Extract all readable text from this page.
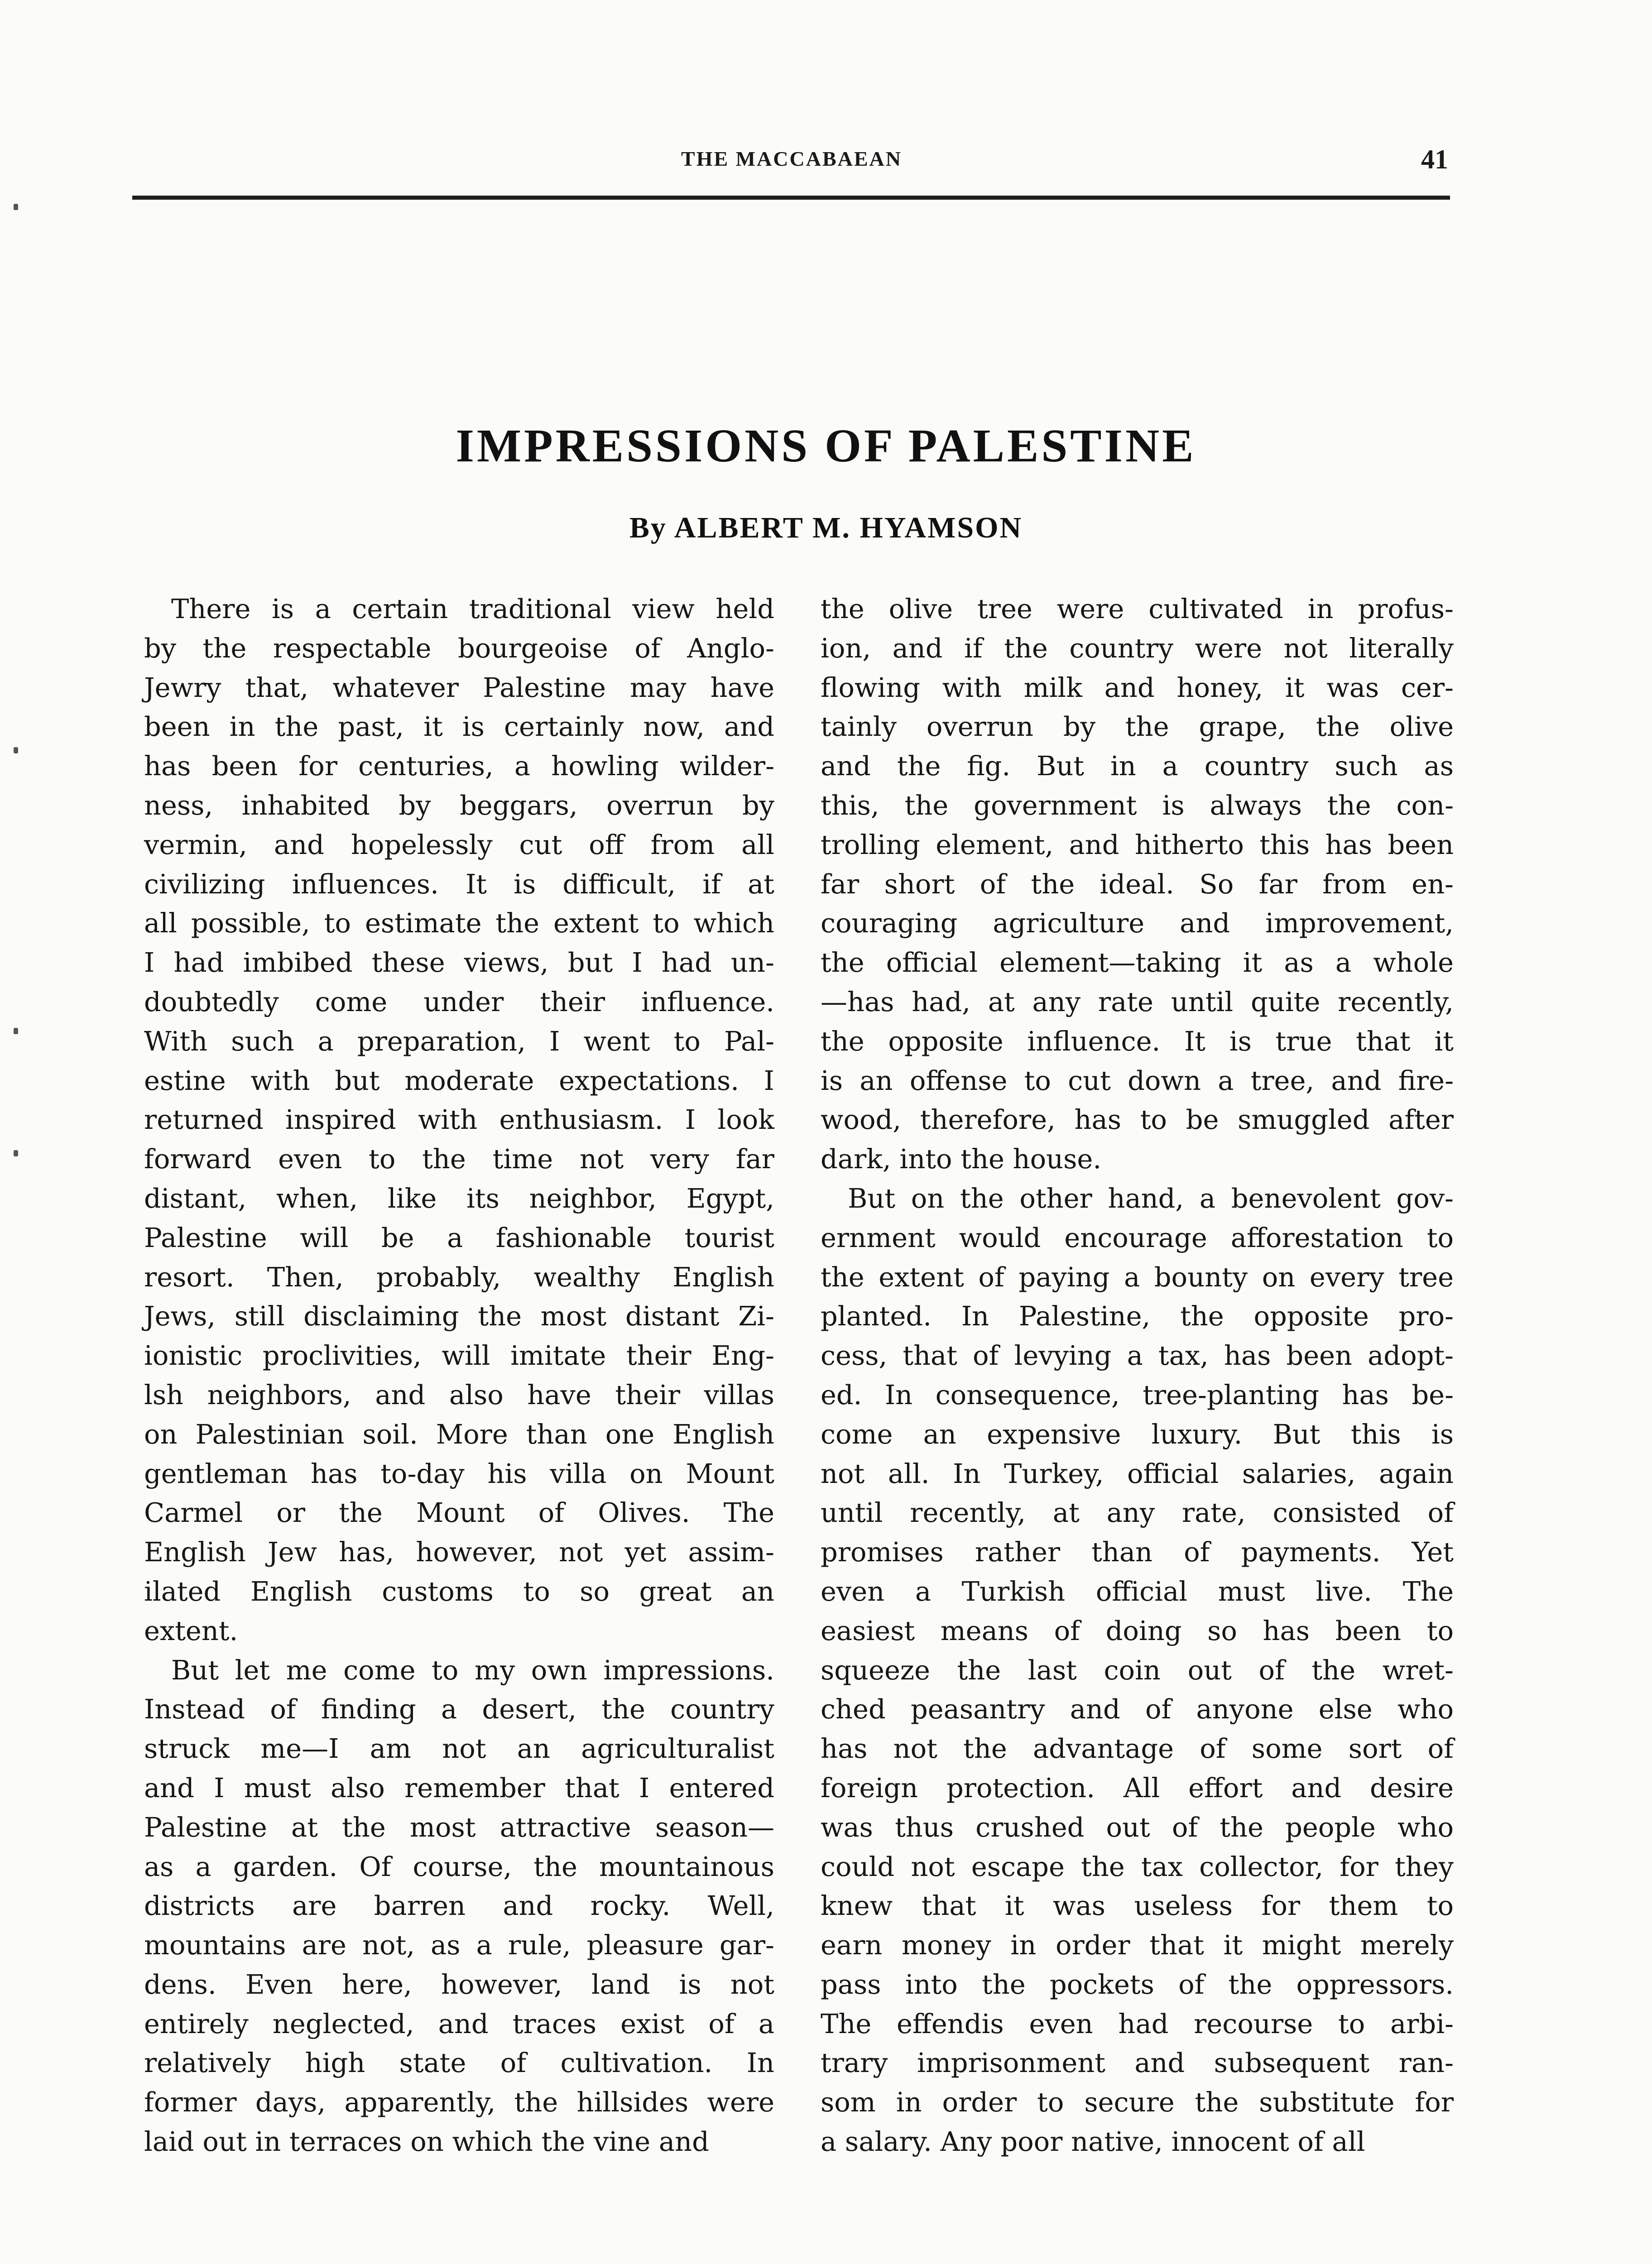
THE MACCABAEAN	41
IMPRESSIONS OF PALESTINE
By ALBERT M. HYAMSON
There is a certain traditional view held
by the respectable bourgeoise of Anglo-
Jewry that, whatever Palestine may have
been in the past, it is certainly now, and
has been for centuries, a howling wilder-
ness, inhabited by beggars, overrun by
vermin, and hopelessly cut off from all
civilizing influences. It is difficult, if at
all possible, to estimate the extent to which
I had imbibed these views, but I had un-
doubtedly come under their influence.
With such a preparation, I went to Pal-
estine with but moderate expectations. I
returned inspired with enthusiasm. I look
forward even to the time not very far
distant, when, like its neighbor, Egypt,
Palestine will be a fashionable tourist
resort. Then, probably, wealthy English
Jews, still disclaiming the most distant Zi-
ionistic proclivities, will imitate their Eng-
lsh neighbors, and also have their villas
on Palestinian soil. More than one English
gentleman has to-day his villa on Mount
Carmel or the Mount of Olives. The
English Jew has, however, not yet assim-
ilated English customs to so great an
extent.
But let me come to my own impressions.
Instead of finding a desert, the country
struck me—I am not an agriculturalist
and I must also remember that I entered
Palestine at the most attractive season—
as a garden. Of course, the mountainous
districts are barren and rocky. Well,
mountains are not, as a rule, pleasure gar-
dens. Even here, however, land is not
entirely neglected, and traces exist of a
relatively high state of cultivation. In
former days, apparently, the hillsides were
laid out in terraces on which the vine and
the olive tree were cultivated in profus-
ion, and if the country were not literally
flowing with milk and honey, it was cer-
tainly overrun by the grape, the olive
and the fig. But in a country such as
this, the government is always the con-
trolling element, and hitherto this has been
far short of the ideal. So far from en-
couraging agriculture and improvement,
the official element—taking it as a whole
—has had, at any rate until quite recently,
the opposite influence. It is true that it
is an offense to cut down a tree, and fire-
wood, therefore, has to be smuggled after
dark, into the house.
But on the other hand, a benevolent gov-
ernment would encourage afforestation to
the extent of paying a bounty on every tree
planted. In Palestine, the opposite pro-
cess, that of levying a tax, has been adopt-
ed. In consequence, tree-planting has be-
come an expensive luxury. But this is
not all. In Turkey, official salaries, again
until recently, at any rate, consisted of
promises rather than of payments. Yet
even a Turkish official must live. The
easiest means of doing so has been to
squeeze the last coin out of the wret-
ched peasantry and of anyone else who
has not the advantage of some sort of
foreign protection. All effort and desire
was thus crushed out of the people who
could not escape the tax collector, for they
knew that it was useless for them to
earn money in order that it might merely
pass into the pockets of the oppressors.
The effendis even had recourse to arbi-
trary imprisonment and subsequent ran-
som in order to secure the substitute for
a salary. Any poor native, innocent of all
